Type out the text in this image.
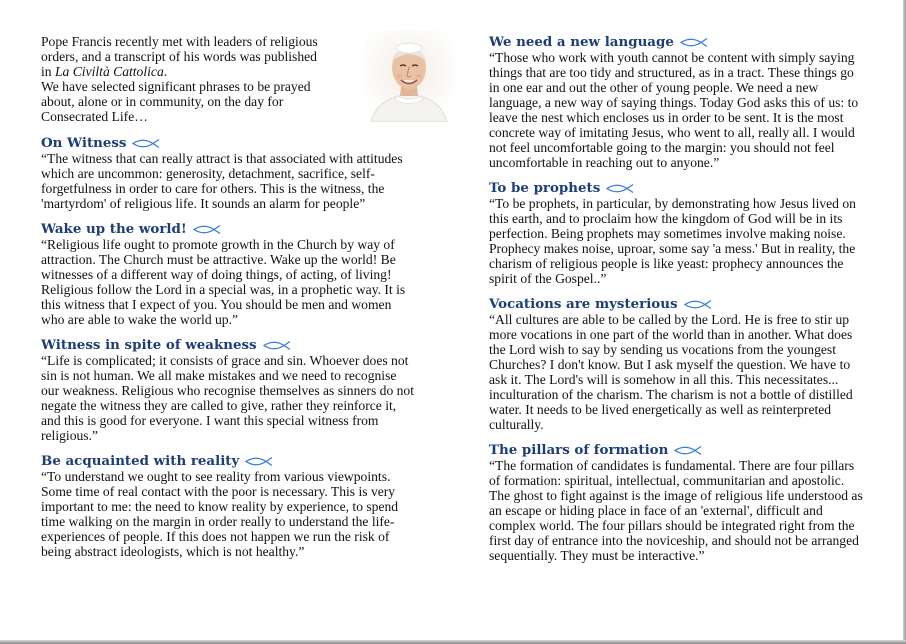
Pope Francis recently met with leaders of religious orders, and a transcript of his words was published in La Civiltà Cattolica.
We have selected significant phrases to be prayed about, alone or in community, on the day for Consecrated Life…
On Witness

“The witness that can really attract is that associated with attitudes which are uncommon: generosity, detachment, sacrifice, self-forgetfulness in order to care for others. This is the witness, the 'martyrdom' of religious life. It sounds an alarm for people”

Wake up the world!

“Religious life ought to promote growth in the Church by way of attraction. The Church must be attractive. Wake up the world! Be witnesses of a different way of doing things, of acting, of living! Religious follow the Lord in a special was, in a prophetic way. It is this witness that I expect of you. You should be men and women who are able to wake the world up.”

Witness in spite of weakness

“Life is complicated; it consists of grace and sin. Whoever does not sin is not human. We all make mistakes and we need to recognise our weakness. Religious who recognise themselves as sinners do not negate the witness they are called to give, rather they reinforce it, and this is good for everyone. I want this special witness from religious.”

Be acquainted with reality

“To understand we ought to see reality from various viewpoints. Some time of real contact with the poor is necessary. This is very important to me: the need to know reality by experience, to spend time walking on the margin in order really to understand the life-experiences of people. If this does not happen we run the risk of being abstract ideologists, which is not healthy.”

We need a new language

“Those who work with youth cannot be content with simply saying things that are too tidy and structured, as in a tract. These things go in one ear and out the other of young people. We need a new language, a new way of saying things. Today God asks this of us: to leave the nest which encloses us in order to be sent. It is the most concrete way of imitating Jesus, who went to all, really all. I would not feel uncomfortable going to the margin: you should not feel uncomfortable in reaching out to anyone.”

To be prophets

“To be prophets, in particular, by demonstrating how Jesus lived on this earth, and to proclaim how the kingdom of God will be in its perfection. Being prophets may sometimes involve making noise. Prophecy makes noise, uproar, some say 'a mess.' But in reality, the charism of religious people is like yeast: prophecy announces the spirit of the Gospel..”

Vocations are mysterious

“All cultures are able to be called by the Lord. He is free to stir up more vocations in one part of the world than in another. What does the Lord wish to say by sending us vocations from the youngest Churches? I don't know. But I ask myself the question. We have to ask it. The Lord's will is somehow in all this. This necessitates... inculturation of the charism. The charism is not a bottle of distilled water. It needs to be lived energetically as well as reinterpreted culturally.

The pillars of formation

“The formation of candidates is fundamental. There are four pillars of formation: spiritual, intellectual, communitarian and apostolic. The ghost to fight against is the image of religious life understood as an escape or hiding place in face of an 'external', difficult and complex world. The four pillars should be integrated right from the first day of entrance into the noviceship, and should not be arranged sequentially. They must be interactive.”
